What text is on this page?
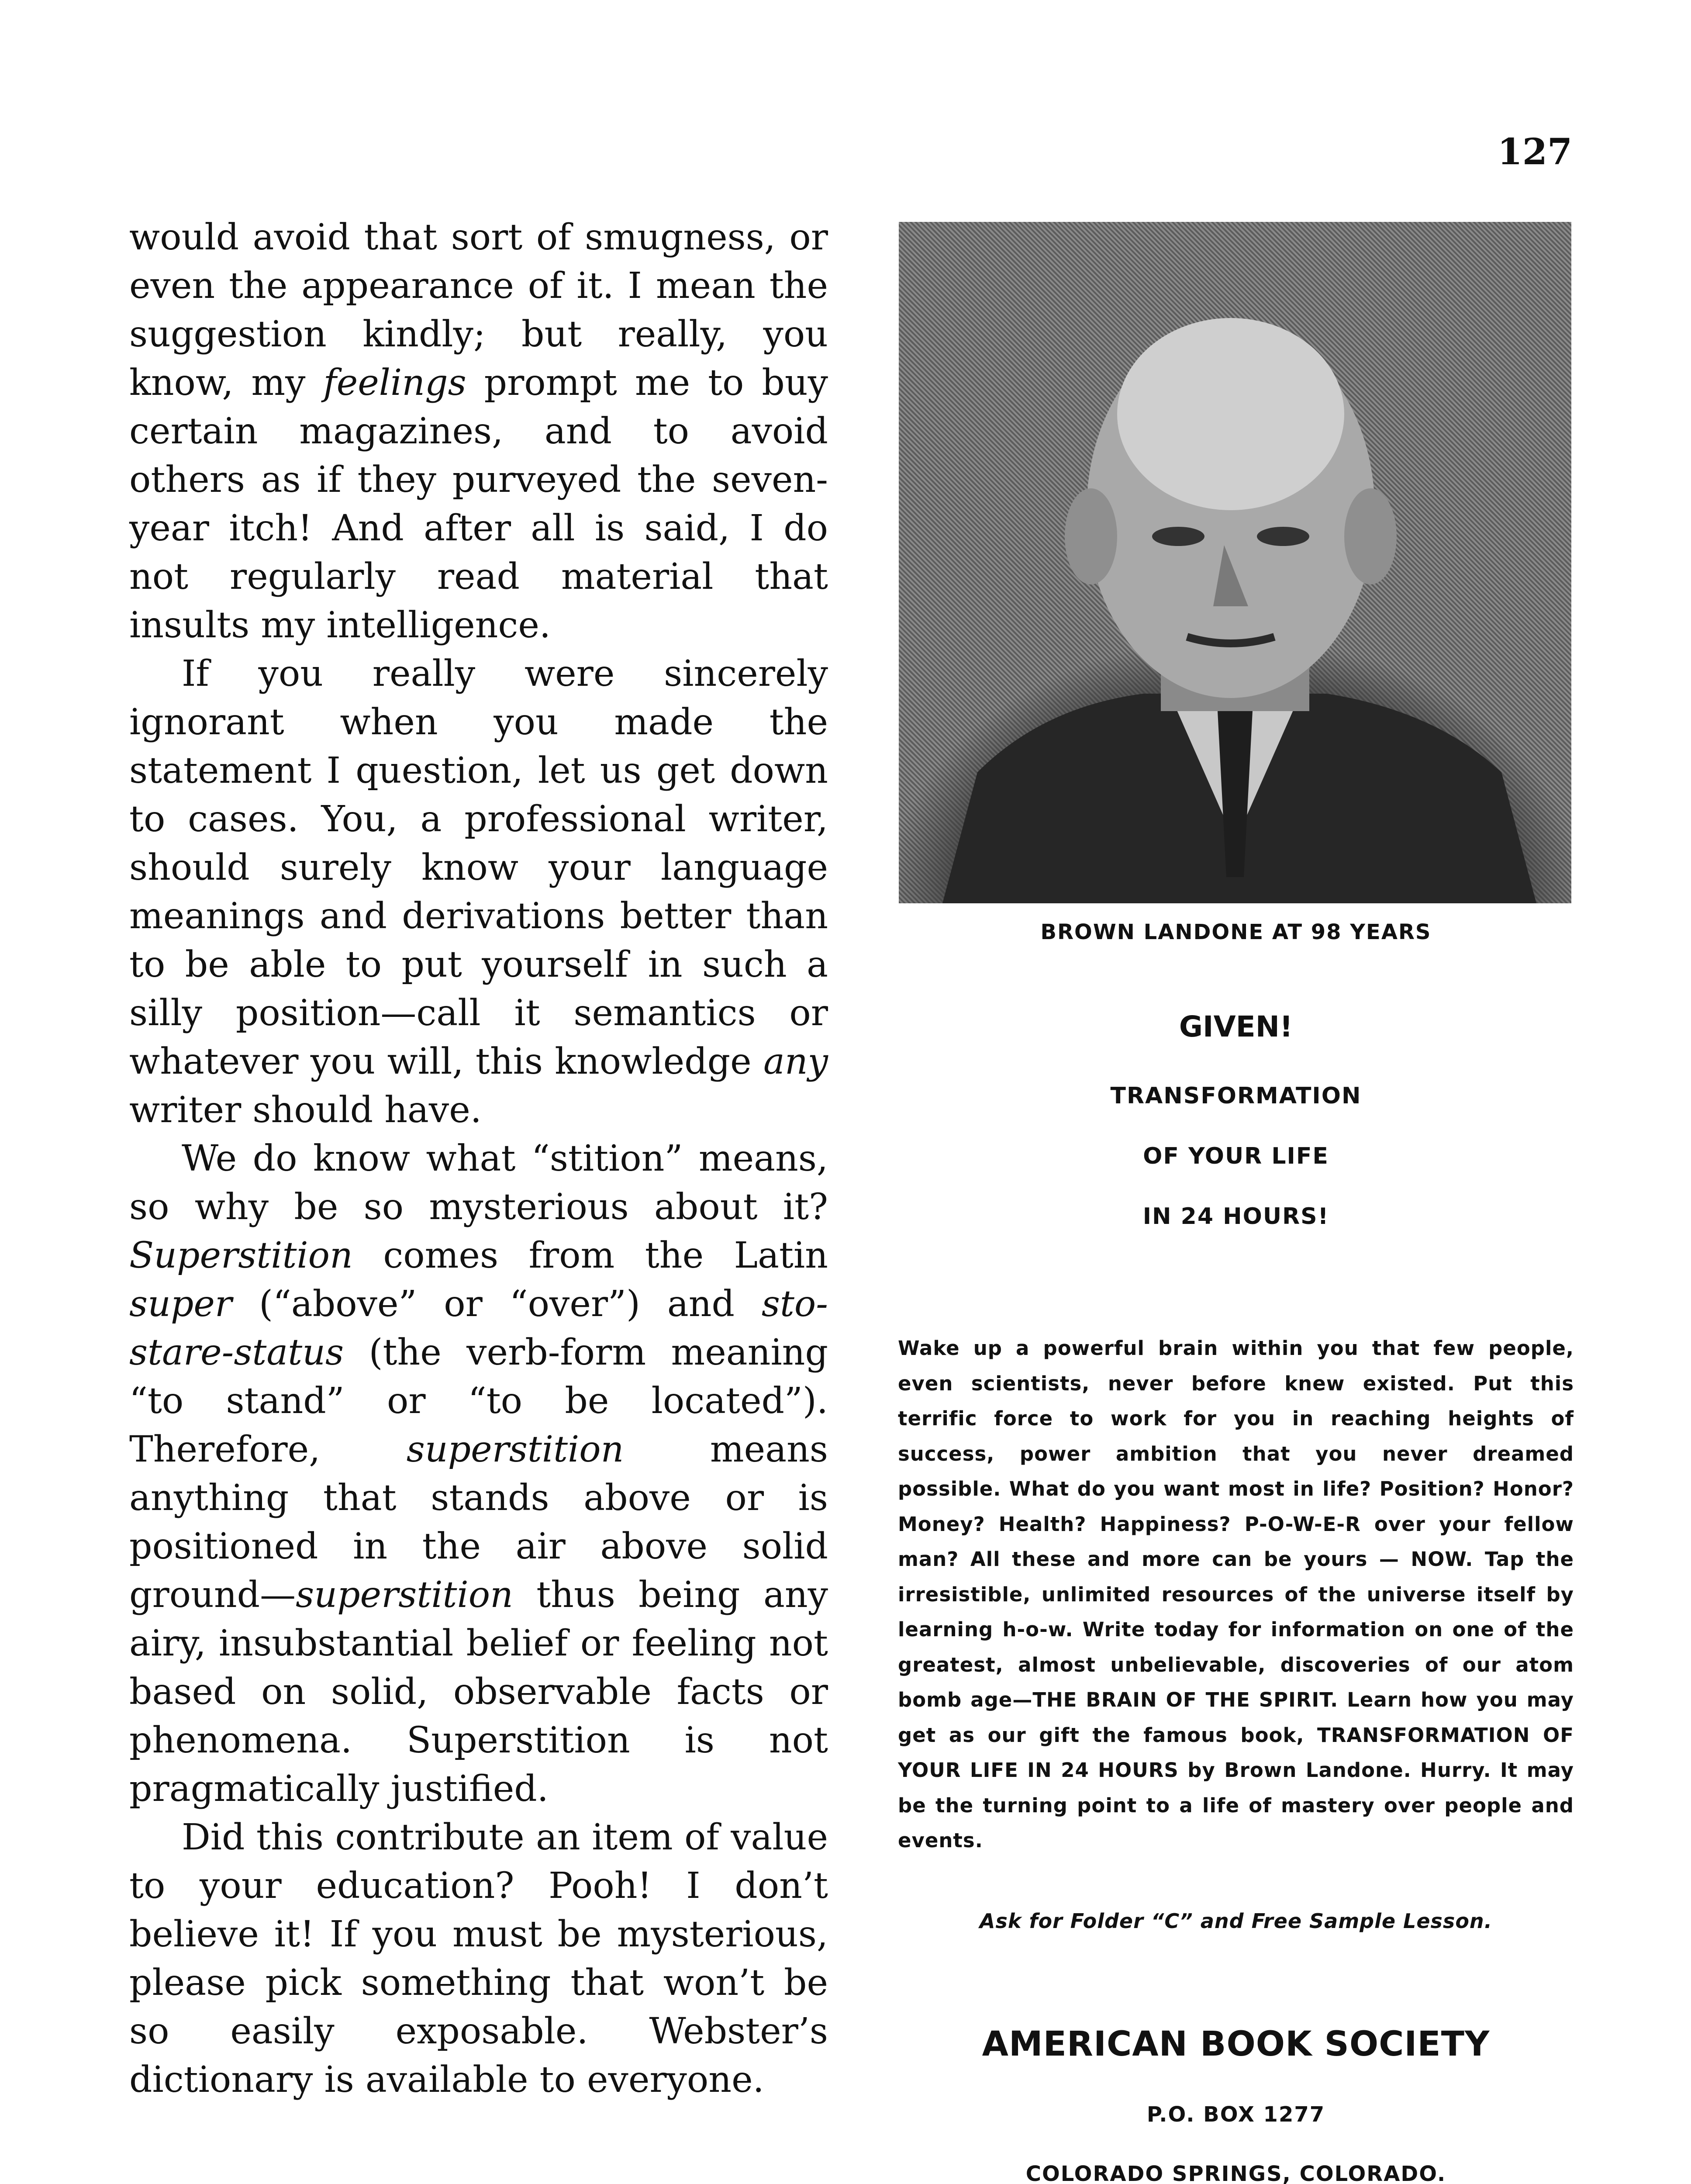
127

would avoid that sort of smugness, or even the appearance of it. I mean the suggestion kindly; but really, you know, my feelings prompt me to buy certain magazines, and to avoid others as if they purveyed the seven-year itch! And after all is said, I do not regularly read material that insults my intelligence.

If you really were sincerely ignorant when you made the statement I question, let us get down to cases. You, a professional writer, should surely know your language meanings and derivations better than to be able to put yourself in such a silly position—call it semantics or whatever you will, this knowledge any writer should have.

We do know what “stition” means, so why be so mysterious about it? Superstition comes from the Latin super (“above” or “over”) and sto-stare-status (the verb-form meaning “to stand” or “to be located”). Therefore, superstition means anything that stands above or is positioned in the air above solid ground—superstition thus being any airy, insubstantial belief or feeling not based on solid, observable facts or phenomena. Superstition is not pragmatically justified.

Did this contribute an item of value to your education? Pooh! I don’t believe it! If you must be mysterious, please pick something that won’t be so easily exposable. Webster’s dictionary is available to everyone.

BROWN LANDONE AT 98 YEARS
GIVEN!
TRANSFORMATION
OF YOUR LIFE
IN 24 HOURS!
Wake up a powerful brain within you that few people, even scientists, never before knew existed. Put this terrific force to work for you in reaching heights of success, power ambition that you never dreamed possible. What do you want most in life? Position? Honor? Money? Health? Happiness? P-O-W-E-R over your fellow man? All these and more can be yours — NOW. Tap the irresistible, unlimited resources of the universe itself by learning h-o-w. Write today for information on one of the greatest, almost unbelievable, discoveries of our atom bomb age—THE BRAIN OF THE SPIRIT. Learn how you may get as our gift the famous book, TRANSFORMATION OF YOUR LIFE IN 24 HOURS by Brown Landone. Hurry. It may be the turning point to a life of mastery over people and events.
Ask for Folder “C” and Free Sample Lesson.
AMERICAN BOOK SOCIETY
P.O. BOX 1277
COLORADO SPRINGS, COLORADO.
